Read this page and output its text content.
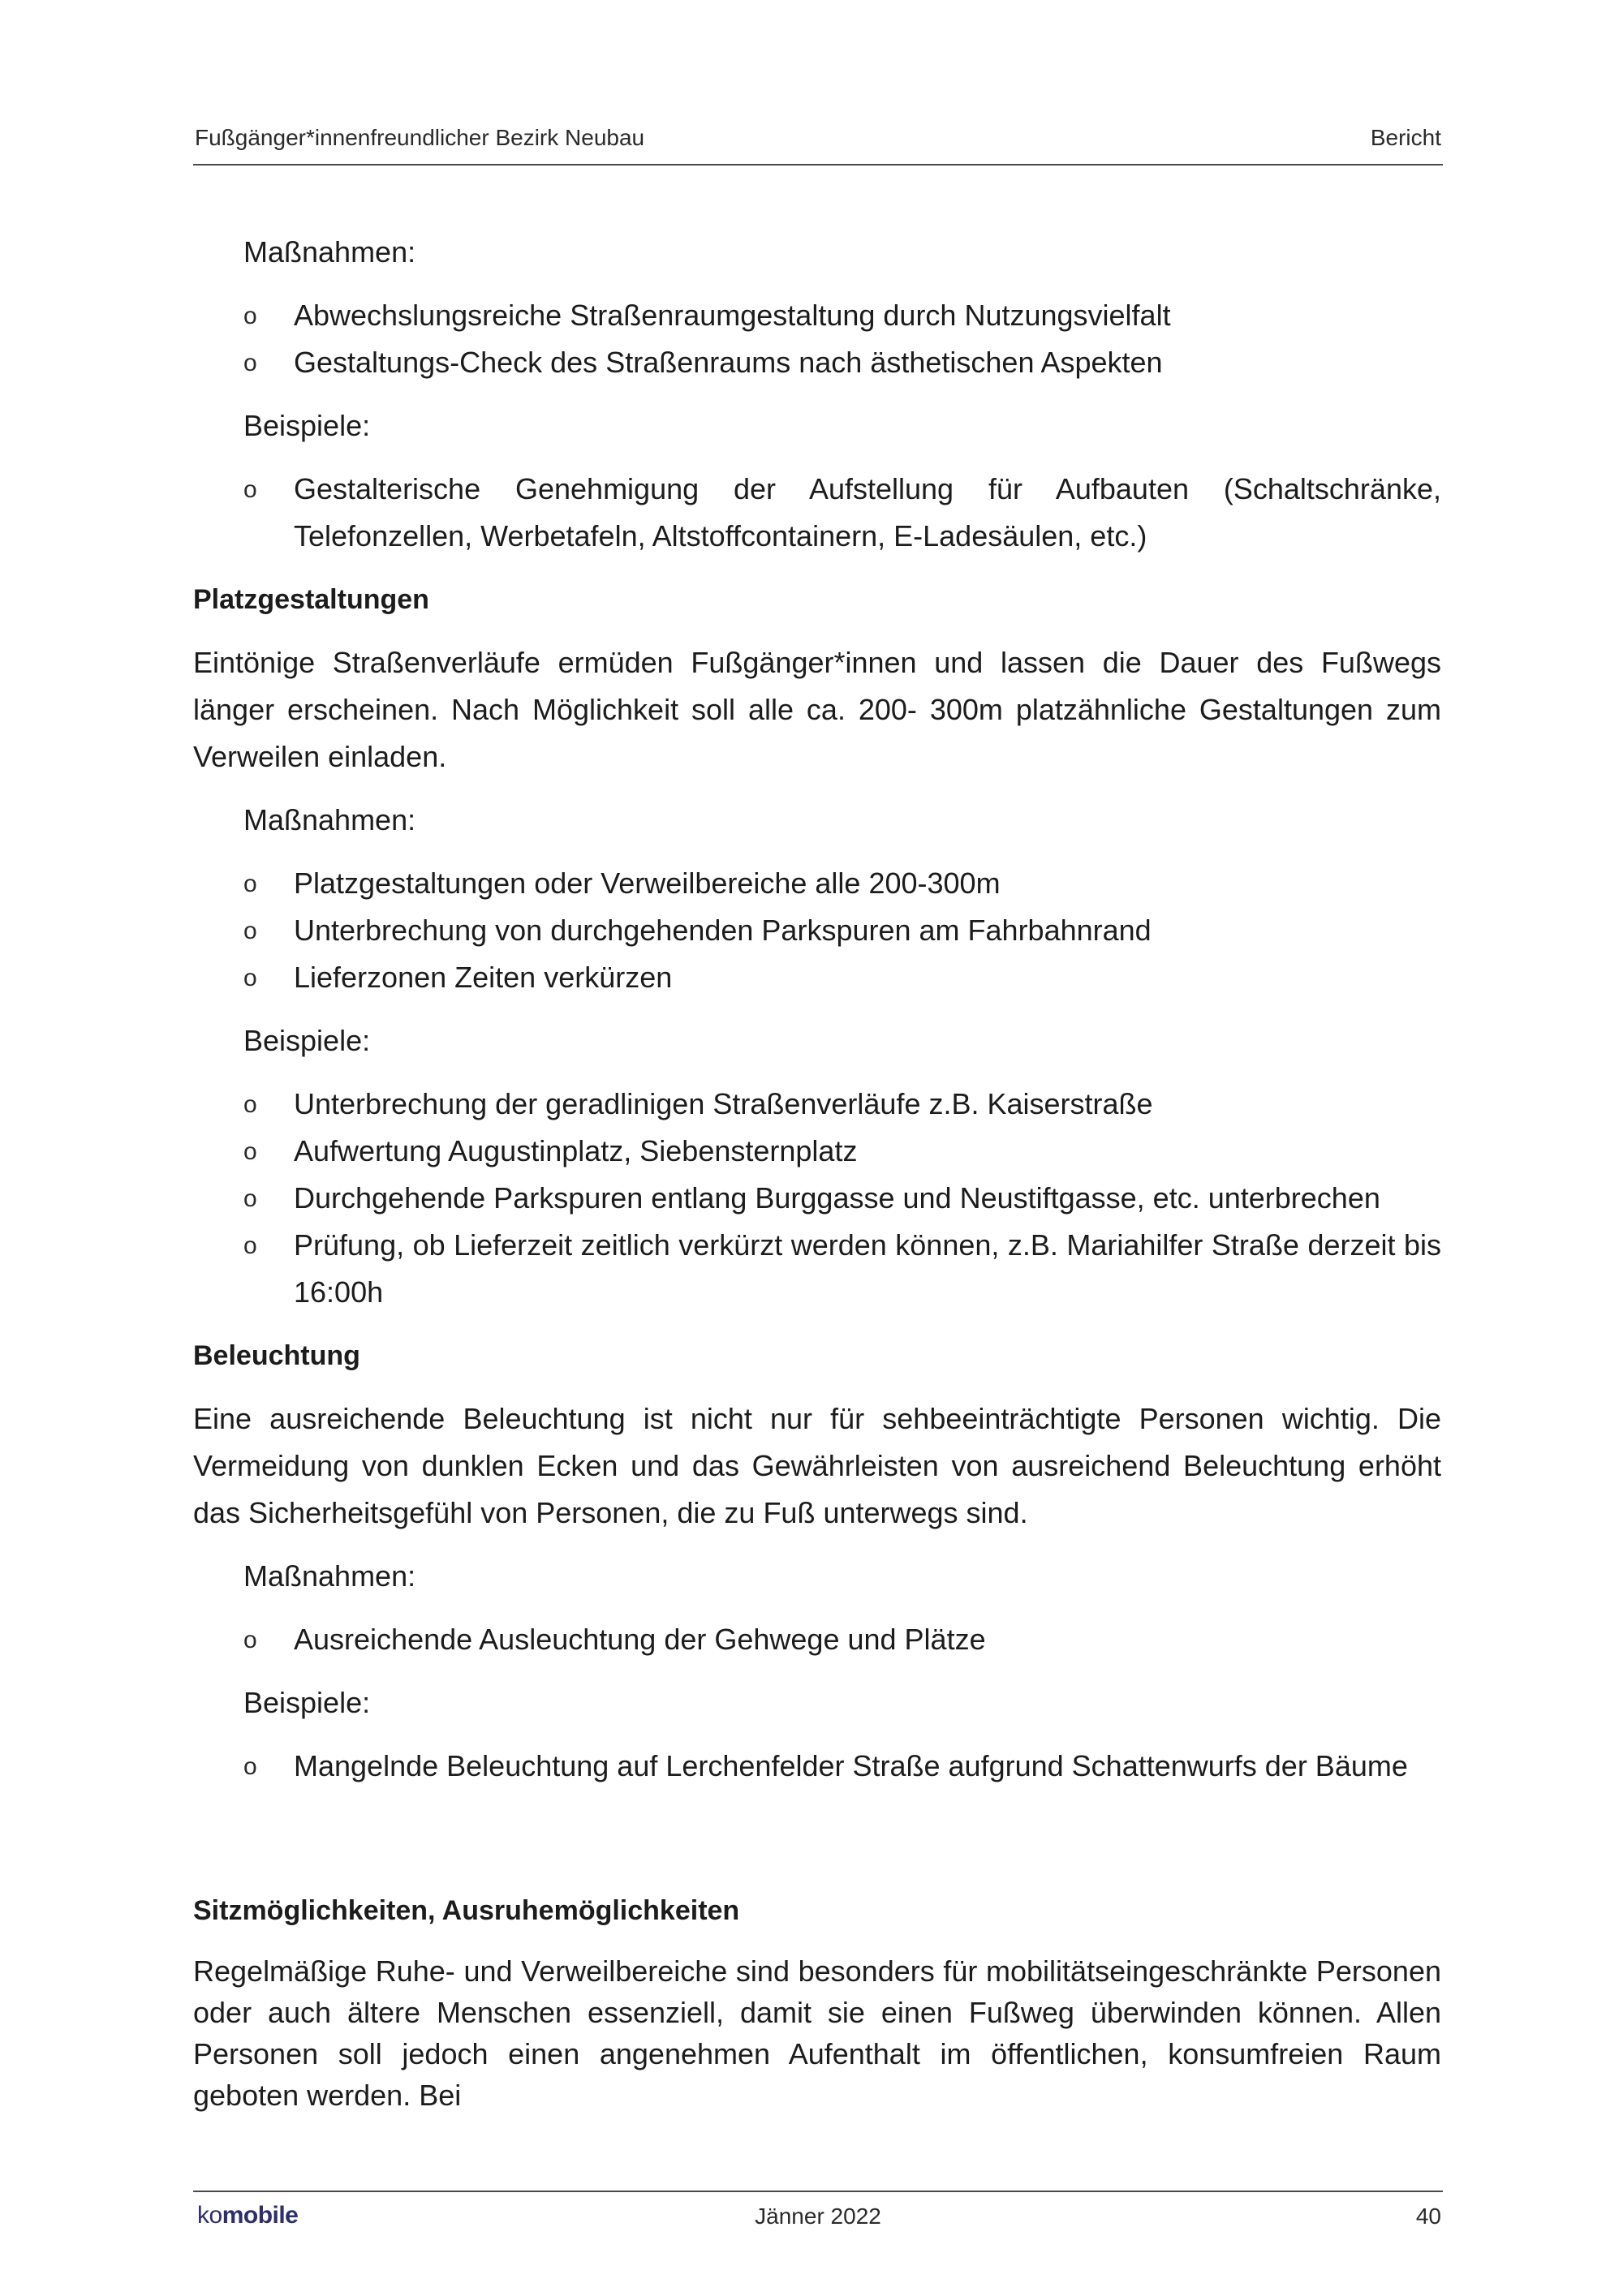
Fußgänger*innenfreundlicher Bezirk Neubau	Bericht
Maßnahmen:
o Abwechslungsreiche Straßenraumgestaltung durch Nutzungsvielfalt
o Gestaltungs-Check des Straßenraums nach ästhetischen Aspekten
Beispiele:
o Gestalterische Genehmigung der Aufstellung für Aufbauten (Schaltschränke, Telefonzellen, Werbetafeln, Altstoffcontainern, E-Ladesäulen, etc.)
Platzgestaltungen

Eintönige Straßenverläufe ermüden Fußgänger*innen und lassen die Dauer des Fußwegs länger erscheinen. Nach Möglichkeit soll alle ca. 200- 300m platzähnliche Gestaltungen zum Verweilen einladen.

Maßnahmen:
o Platzgestaltungen oder Verweilbereiche alle 200-300m
o Unterbrechung von durchgehenden Parkspuren am Fahrbahnrand
o Lieferzonen Zeiten verkürzen
Beispiele:
o Unterbrechung der geradlinigen Straßenverläufe z.B. Kaiserstraße
o Aufwertung Augustinplatz, Siebensternplatz
o Durchgehende Parkspuren entlang Burggasse und Neustiftgasse, etc. unterbrechen
o Prüfung, ob Lieferzeit zeitlich verkürzt werden können, z.B. Mariahilfer Straße derzeit bis 16:00h
Beleuchtung

Eine ausreichende Beleuchtung ist nicht nur für sehbeeinträchtigte Personen wichtig. Die Vermeidung von dunklen Ecken und das Gewährleisten von ausreichend Beleuchtung erhöht das Sicherheitsgefühl von Personen, die zu Fuß unterwegs sind.

Maßnahmen:
o Ausreichende Ausleuchtung der Gehwege und Plätze
Beispiele:
o Mangelnde Beleuchtung auf Lerchenfelder Straße aufgrund Schattenwurfs der Bäume
Sitzmöglichkeiten, Ausruhemöglichkeiten

Regelmäßige Ruhe- und Verweilbereiche sind besonders für mobilitätseingeschränkte Personen oder auch ältere Menschen essenziell, damit sie einen Fußweg überwinden können. Allen Personen soll jedoch einen angenehmen Aufenthalt im öffentlichen, konsumfreien Raum geboten werden. Bei

komobile	Jänner 2022	40
